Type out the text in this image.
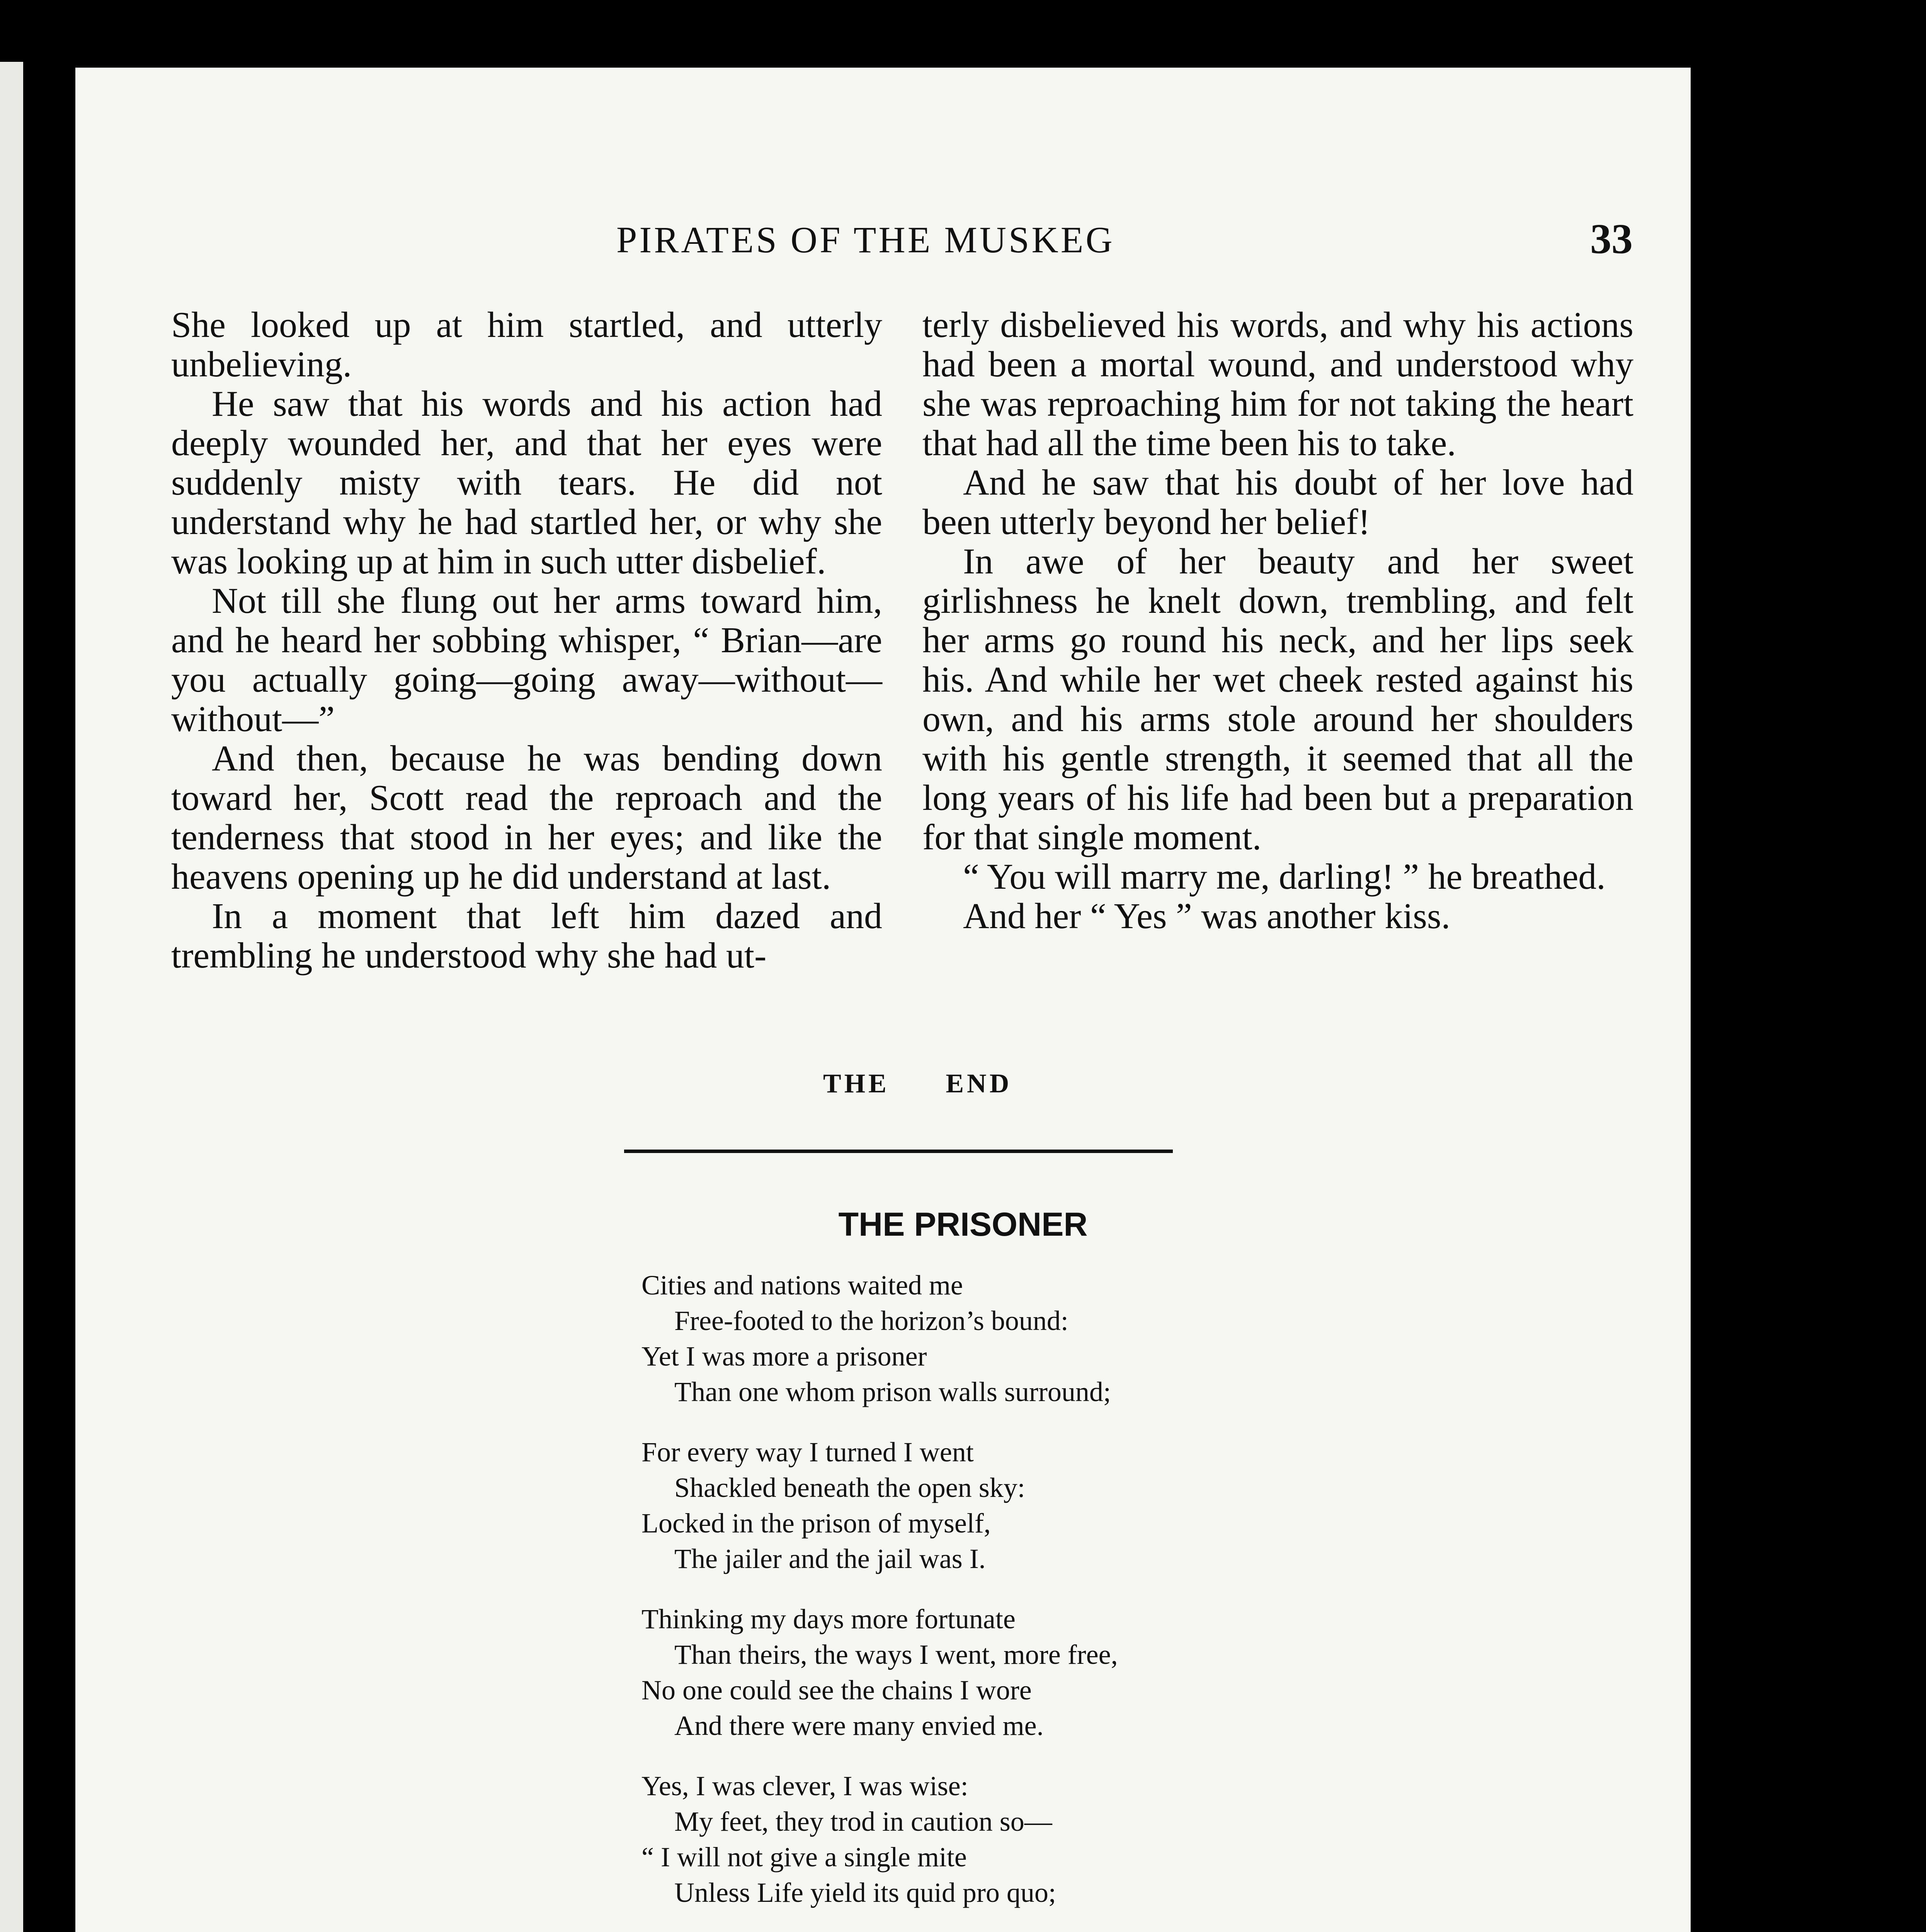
PIRATES OF THE MUSKEG	33

She looked up at him startled, and utterly unbelieving.

He saw that his words and his action had deeply wounded her, and that her eyes were suddenly misty with tears. He did not understand why he had startled her, or why she was looking up at him in such utter disbelief.

Not till she flung out her arms toward him, and he heard her sobbing whisper, “ Brian—are you actually going—going away—without—without—”

And then, because he was bending down toward her, Scott read the reproach and the tenderness that stood in her eyes; and like the heavens opening up he did understand at last.

In a moment that left him dazed and trembling he understood why she had ut-

terly disbelieved his words, and why his actions had been a mortal wound, and understood why she was reproaching him for not taking the heart that had all the time been his to take.

And he saw that his doubt of her love had been utterly beyond her belief!

In awe of her beauty and her sweet girlishness he knelt down, trembling, and felt her arms go round his neck, and her lips seek his. And while her wet cheek rested against his own, and his arms stole around her shoulders with his gentle strength, it seemed that all the long years of his life had been but a preparation for that single moment.

“ You will marry me, darling! ” he breathed.

And her “ Yes ” was another kiss.

THE END
THE PRISONER
Cities and nations waited me
Free-footed to the horizon’s bound:
Yet I was more a prisoner
Than one whom prison walls surround;
For every way I turned I went
Shackled beneath the open sky:
Locked in the prison of myself,
The jailer and the jail was I.
Thinking my days more fortunate
Than theirs, the ways I went, more free,
No one could see the chains I wore
And there were many envied me.
Yes, I was clever, I was wise:
My feet, they trod in caution so—
“ I will not give a single mite
Unless Life yield its quid pro quo;
